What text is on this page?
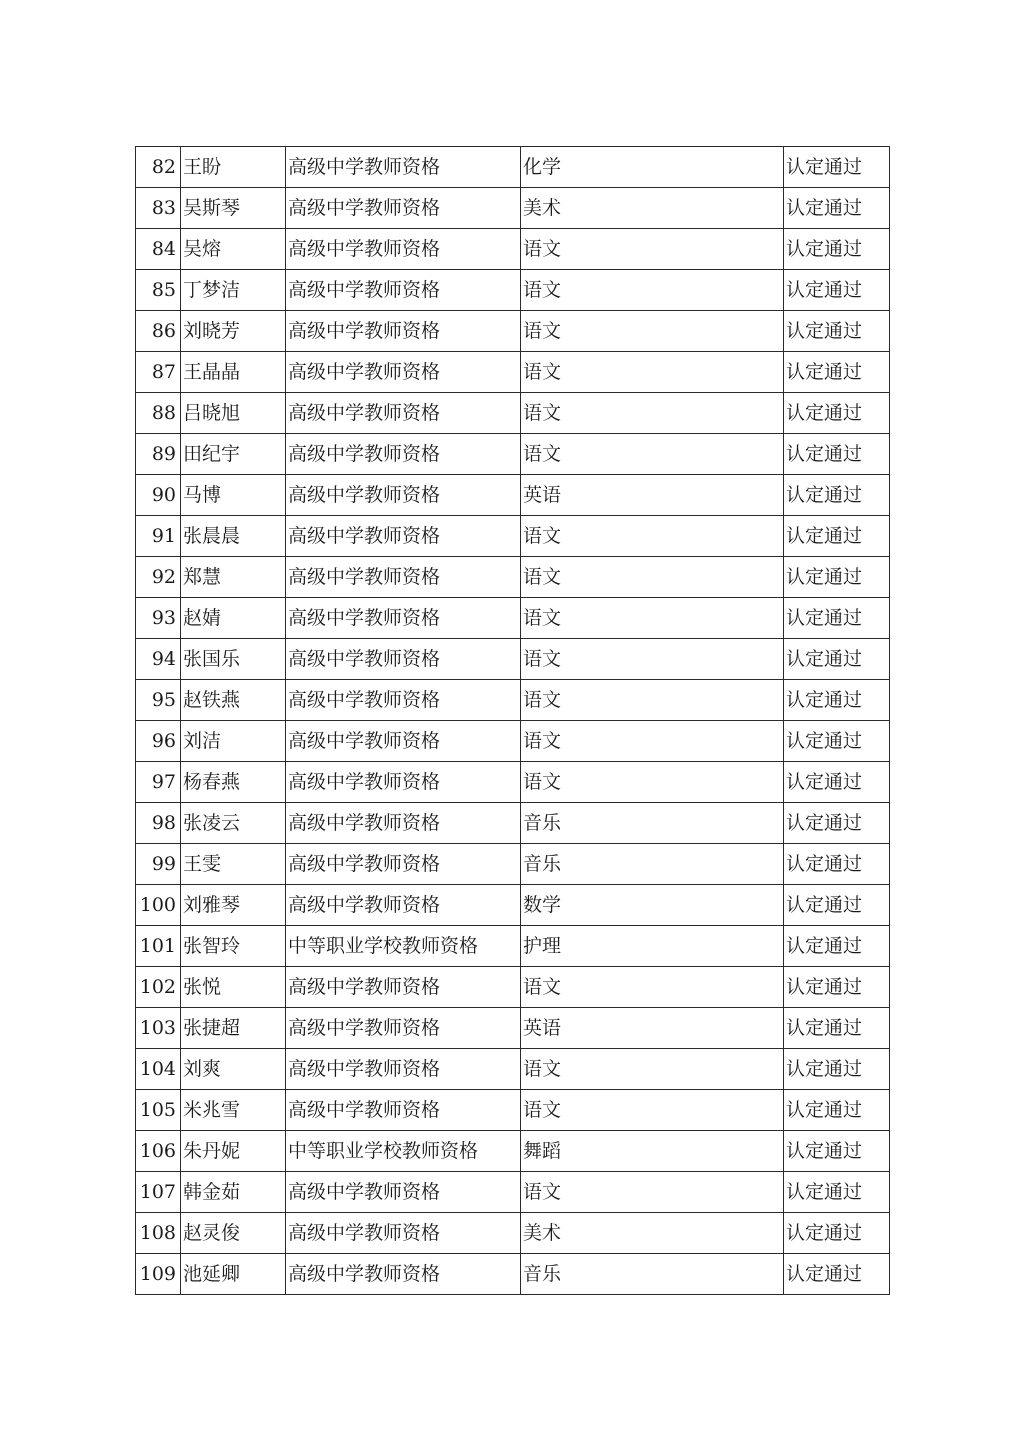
82	王盼	高级中学教师资格	化学	认定通过
83	吴斯琴	高级中学教师资格	美术	认定通过
84	吴熔	高级中学教师资格	语文	认定通过
85	丁梦洁	高级中学教师资格	语文	认定通过
86	刘晓芳	高级中学教师资格	语文	认定通过
87	王晶晶	高级中学教师资格	语文	认定通过
88	吕晓旭	高级中学教师资格	语文	认定通过
89	田纪宇	高级中学教师资格	语文	认定通过
90	马博	高级中学教师资格	英语	认定通过
91	张晨晨	高级中学教师资格	语文	认定通过
92	郑慧	高级中学教师资格	语文	认定通过
93	赵婧	高级中学教师资格	语文	认定通过
94	张国乐	高级中学教师资格	语文	认定通过
95	赵铁燕	高级中学教师资格	语文	认定通过
96	刘洁	高级中学教师资格	语文	认定通过
97	杨春燕	高级中学教师资格	语文	认定通过
98	张凌云	高级中学教师资格	音乐	认定通过
99	王雯	高级中学教师资格	音乐	认定通过
100	刘雅琴	高级中学教师资格	数学	认定通过
101	张智玲	中等职业学校教师资格	护理	认定通过
102	张悦	高级中学教师资格	语文	认定通过
103	张捷超	高级中学教师资格	英语	认定通过
104	刘爽	高级中学教师资格	语文	认定通过
105	米兆雪	高级中学教师资格	语文	认定通过
106	朱丹妮	中等职业学校教师资格	舞蹈	认定通过
107	韩金茹	高级中学教师资格	语文	认定通过
108	赵灵俊	高级中学教师资格	美术	认定通过
109	池延卿	高级中学教师资格	音乐	认定通过
